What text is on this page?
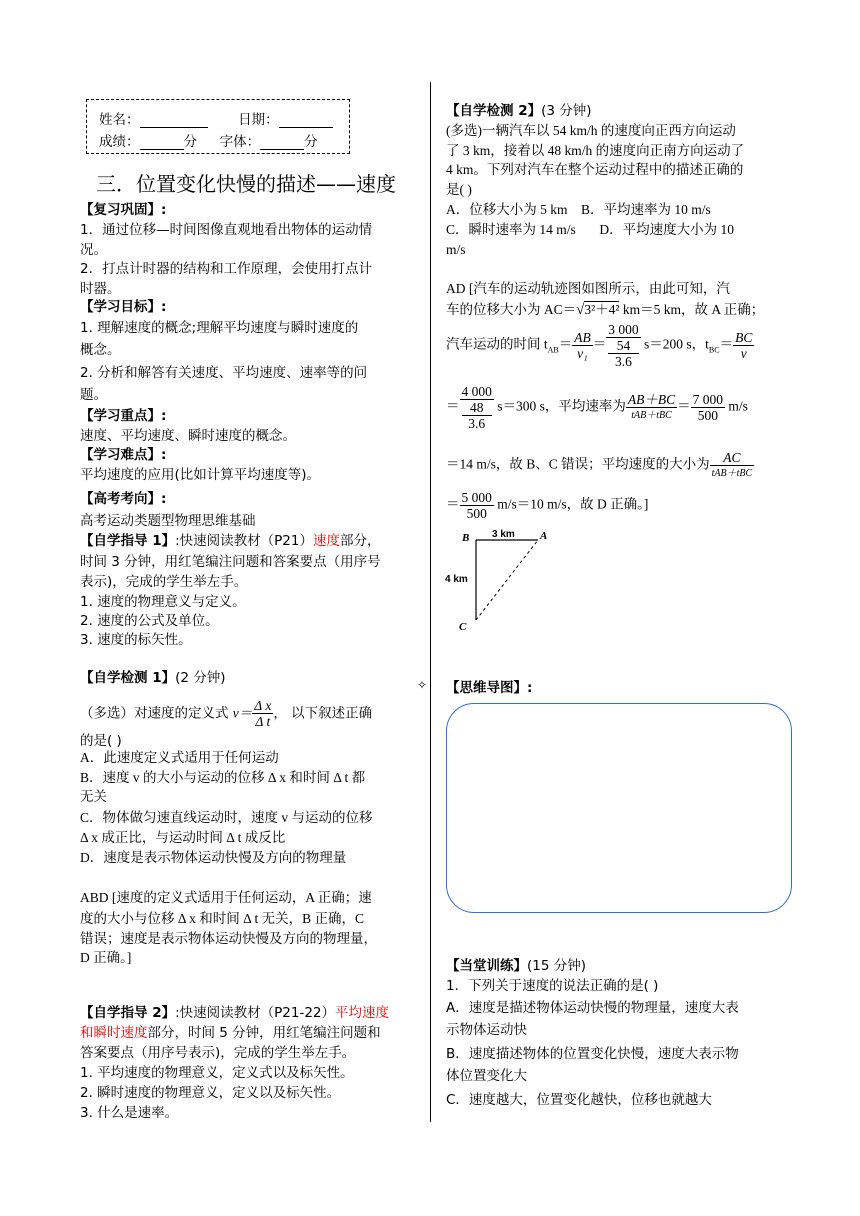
姓名：	日期：
成绩：	分 字体：	分
三．位置变化快慢的描述——速度
【复习巩固】:
1．通过位移—时间图像直观地看出物体的运动情
况。
2．打点计时器的结构和工作原理，会使用打点计
时器。
【学习目标】:
1. 理解速度的概念;理解平均速度与瞬时速度的
概念。
2. 分析和解答有关速度、平均速度、速率等的问
题。
【学习重点】:
速度、平均速度、瞬时速度的概念。
【学习难点】:
平均速度的应用(比如计算平均速度等)。
【高考考向】:
高考运动类题型物理思维基础
【自学指导 1】:快速阅读教材（P21）速度部分，
时间 3 分钟，用红笔编注问题和答案要点（用序号
表示)，完成的学生举左手。
1. 速度的物理意义与定义。
2. 速度的公式及单位。
3. 速度的标矢性。
【自学检测 1】(2 分钟)	✧
（多选）对速度的定义式 $v= \frac{\text{Δ x}}{\text{Δ t}}$ ， 以下叙述正确
的是( )
A．此速度定义式适用于任何运动
B．速度 v 的大小与运动的位移 Δ x 和时间 Δ t 都
无关
C．物体做匀速直线运动时，速度 v 与运动的位移
Δ x 成正比，与运动时间 Δ t 成反比
D．速度是表示物体运动快慢及方向的物理量
ABD [速度的定义式适用于任何运动，A 正确；速
度的大小与位移 Δ x 和时间 Δ t 无关，B 正确，C
错误；速度是表示物体运动快慢及方向的物理量，
D 正确。]
【自学指导 2】:快速阅读教材（P21-22）平均速度
和瞬时速度部分，时间 5 分钟，用红笔编注问题和
答案要点（用序号表示)，完成的学生举左手。
1. 平均速度的物理意义，定义式以及标矢性。
2. 瞬时速度的物理意义，定义以及标矢性。
3. 什么是速率。
【自学检测 2】(3 分钟)
(多选)一辆汽车以 54 km/h 的速度向正西方向运动
了 3 km，接着以 48 km/h 的速度向正南方向运动了
4 km。下列对汽车在整个运动过程中的描述正确的
是( )
A．位移大小为 5 km B．平均速率为 10 m/s
C．瞬时速率为 14 m/s D．平均速度大小为 10
m/s
AD [汽车的运动轨迹图如图所示，由此可知，汽
车的位移大小为 AC＝√3²＋4² km＝5 km，故 A 正确；
汽车运动的时间 $t_{AB}= \frac{AB}{\text{v₁}} = 3$ 000
54
3.6 s＝200 s，$t_{BC}= \frac{BC}{v}$
＝ 4 000
48
3.6 s＝300 s，平均速率为 $\frac{AB+BC}{\text{tAB＋tBC}} = \frac{7 000}{500} m/s$
＝14 m/s，故 B、C 错误；平均速度的大小为 $\frac{AC}{\text{tAB＋tBC}}$
＝ $\frac{5 000}{500} m/s=10$ m/s，故 D 正确。]
B	A
C
3 km
4 km
【思维导图】:
【当堂训练】(15 分钟)
1．下列关于速度的说法正确的是( )
A．速度是描述物体运动快慢的物理量，速度大表
示物体运动快
B．速度描述物体的位置变化快慢，速度大表示物
体位置变化大
C．速度越大，位置变化越快，位移也就越大
